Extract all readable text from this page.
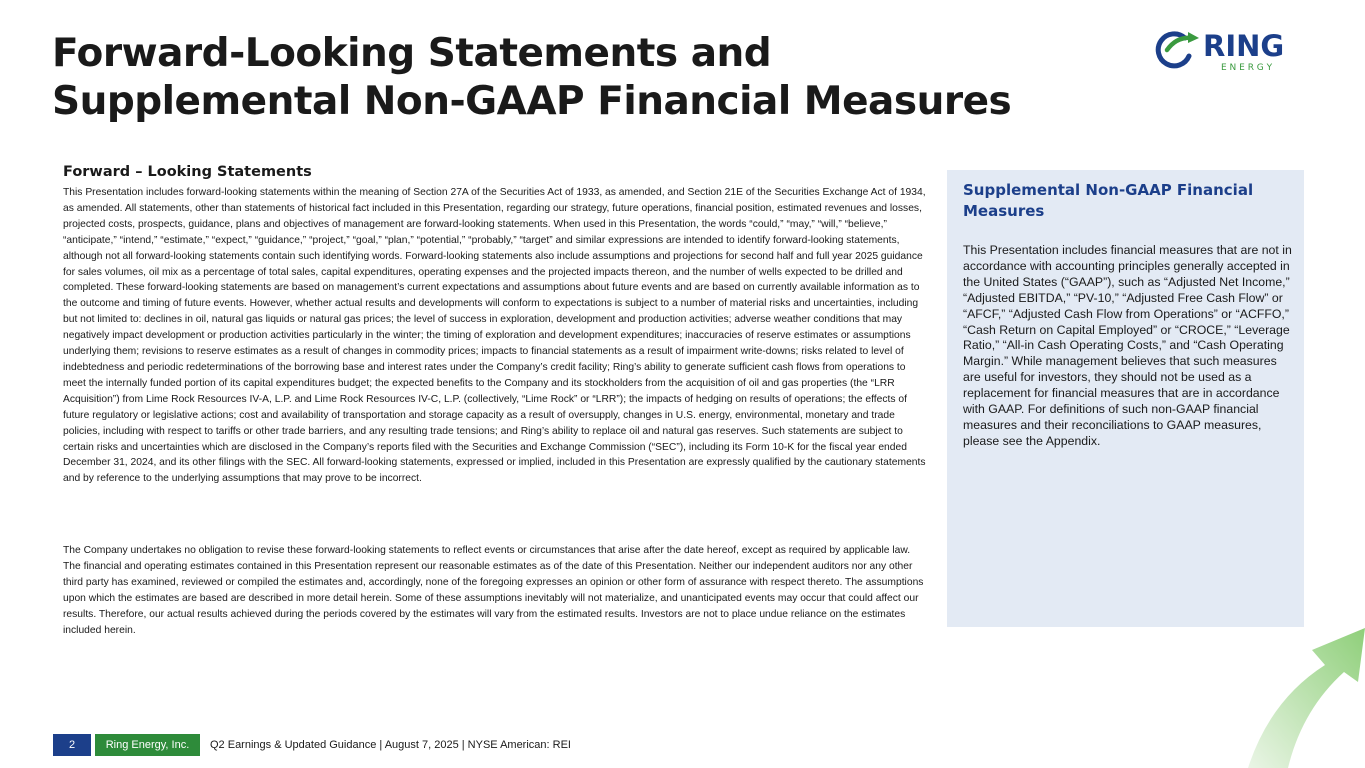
Forward-Looking Statements and
Supplemental Non-GAAP Financial Measures
RING
E N E R G Y
Forward – Looking Statements

This Presentation includes forward-looking statements within the meaning of Section 27A of the Securities Act of 1933, as amended, and Section 21E of the Securities Exchange Act of 1934, as amended. All statements, other than statements of historical fact included in this Presentation, regarding our strategy, future operations, financial position, estimated revenues and losses, projected costs, prospects, guidance, plans and objectives of management are forward-looking statements. When used in this Presentation, the words “could,” “may,” “will,” “believe,” “anticipate,” “intend,” “estimate,” “expect,” “guidance,” “project,” “goal,” “plan,” “potential,” “probably,” “target” and similar expressions are intended to identify forward-looking statements, although not all forward-looking statements contain such identifying words. Forward-looking statements also include assumptions and projections for second half and full year 2025 guidance for sales volumes, oil mix as a percentage of total sales, capital expenditures, operating expenses and the projected impacts thereon, and the number of wells expected to be drilled and completed. These forward-looking statements are based on management’s current expectations and assumptions about future events and are based on currently available information as to the outcome and timing of future events. However, whether actual results and developments will conform to expectations is subject to a number of material risks and uncertainties, including but not limited to: declines in oil, natural gas liquids or natural gas prices; the level of success in exploration, development and production activities; adverse weather conditions that may negatively impact development or production activities particularly in the winter; the timing of exploration and development expenditures; inaccuracies of reserve estimates or assumptions underlying them; revisions to reserve estimates as a result of changes in commodity prices; impacts to financial statements as a result of impairment write-downs; risks related to level of indebtedness and periodic redeterminations of the borrowing base and interest rates under the Company’s credit facility; Ring’s ability to generate sufficient cash flows from operations to meet the internally funded portion of its capital expenditures budget; the expected benefits to the Company and its stockholders from the acquisition of oil and gas properties (the “LRR Acquisition”) from Lime Rock Resources IV-A, L.P. and Lime Rock Resources IV-C, L.P. (collectively, “Lime Rock” or “LRR”); the impacts of hedging on results of operations; the effects of future regulatory or legislative actions; cost and availability of transportation and storage capacity as a result of oversupply, changes in U.S. energy, environmental, monetary and trade policies, including with respect to tariffs or other trade barriers, and any resulting trade tensions; and Ring’s ability to replace oil and natural gas reserves. Such statements are subject to certain risks and uncertainties which are disclosed in the Company’s reports filed with the Securities and Exchange Commission (“SEC”), including its Form 10-K for the fiscal year ended December 31, 2024, and its other filings with the SEC. All forward-looking statements, expressed or implied, included in this Presentation are expressly qualified by the cautionary statements and by reference to the underlying assumptions that may prove to be incorrect.

The Company undertakes no obligation to revise these forward-looking statements to reflect events or circumstances that arise after the date hereof, except as required by applicable law. The financial and operating estimates contained in this Presentation represent our reasonable estimates as of the date of this Presentation. Neither our independent auditors nor any other third party has examined, reviewed or compiled the estimates and, accordingly, none of the foregoing expresses an opinion or other form of assurance with respect thereto. The assumptions upon which the estimates are based are described in more detail herein. Some of these assumptions inevitably will not materialize, and unanticipated events may occur that could affect our results. Therefore, our actual results achieved during the periods covered by the estimates will vary from the estimated results. Investors are not to place undue reliance on the estimates included herein.

Supplemental Non-GAAP Financial Measures

This Presentation includes financial measures that are not in accordance with accounting principles generally accepted in the United States (“GAAP”), such as “Adjusted Net Income,” “Adjusted EBITDA,” “PV-10,” “Adjusted Free Cash Flow” or “AFCF,” “Adjusted Cash Flow from Operations” or “ACFFO,” “Cash Return on Capital Employed” or “CROCE,” “Leverage Ratio,” “All-in Cash Operating Costs,” and “Cash Operating Margin.” While management believes that such measures are useful for investors, they should not be used as a replacement for financial measures that are in accordance with GAAP. For definitions of such non-GAAP financial measures and their reconciliations to GAAP measures, please see the Appendix.

2	Ring Energy, Inc.	Q2 Earnings & Updated Guidance | August 7, 2025 | NYSE American: REI
